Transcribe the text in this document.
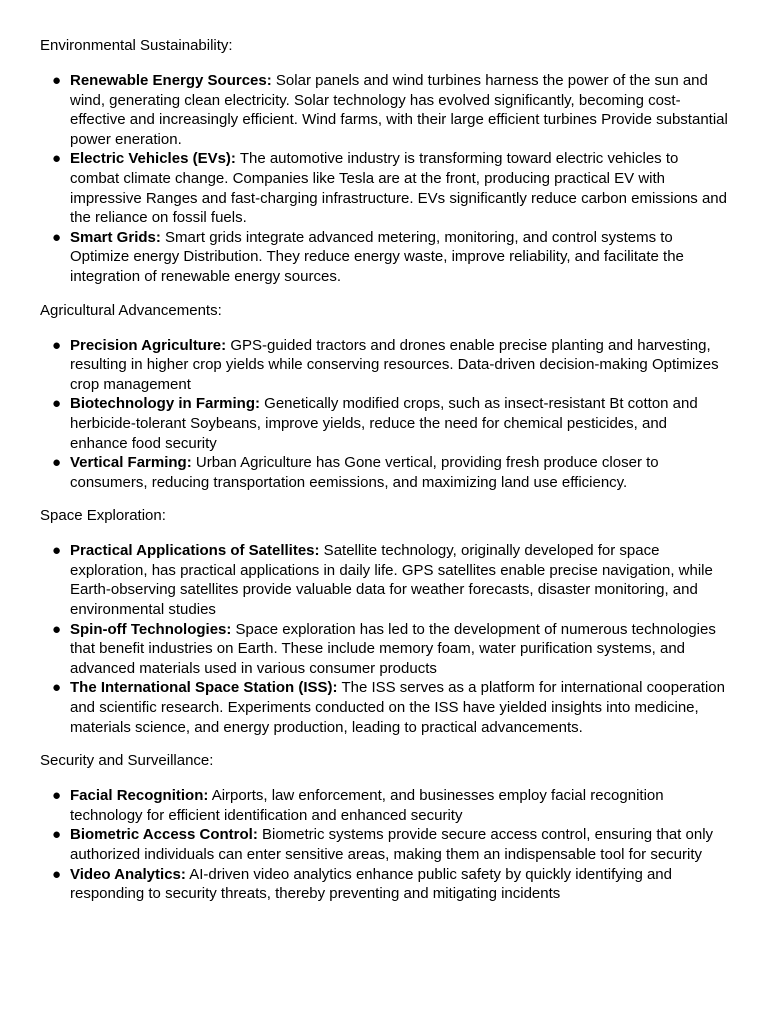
Environmental Sustainability:

● Renewable Energy Sources: Solar panels and wind turbines harness the power of the sun and wind, generating clean electricity. Solar technology has evolved significantly, becoming cost-effective and increasingly efficient. Wind farms, with their large efficient turbines Provide substantial power eneration.
● Electric Vehicles (EVs): The automotive industry is transforming toward electric vehicles to combat climate change. Companies like Tesla are at the front, producing practical EV with impressive Ranges and fast-charging infrastructure. EVs significantly reduce carbon emissions and the reliance on fossil fuels.
● Smart Grids: Smart grids integrate advanced metering, monitoring, and control systems to Optimize energy Distribution. They reduce energy waste, improve reliability, and facilitate the integration of renewable energy sources.

Agricultural Advancements:

● Precision Agriculture: GPS-guided tractors and drones enable precise planting and harvesting, resulting in higher crop yields while conserving resources. Data-driven decision-making Optimizes crop management
● Biotechnology in Farming: Genetically modified crops, such as insect-resistant Bt cotton and herbicide-tolerant Soybeans, improve yields, reduce the need for chemical pesticides, and enhance food security
● Vertical Farming: Urban Agriculture has Gone vertical, providing fresh produce closer to consumers, reducing transportation eemissions, and maximizing land use efficiency.

Space Exploration:

● Practical Applications of Satellites: Satellite technology, originally developed for space exploration, has practical applications in daily life. GPS satellites enable precise navigation, while Earth-observing satellites provide valuable data for weather forecasts, disaster monitoring, and environmental studies
● Spin-off Technologies: Space exploration has led to the development of numerous technologies that benefit industries on Earth. These include memory foam, water purification systems, and advanced materials used in various consumer products
● The International Space Station (ISS): The ISS serves as a platform for international cooperation and scientific research. Experiments conducted on the ISS have yielded insights into medicine, materials science, and energy production, leading to practical advancements.

Security and Surveillance:

● Facial Recognition: Airports, law enforcement, and businesses employ facial recognition technology for efficient identification and enhanced security
● Biometric Access Control: Biometric systems provide secure access control, ensuring that only authorized individuals can enter sensitive areas, making them an indispensable tool for security
● Video Analytics: AI-driven video analytics enhance public safety by quickly identifying and responding to security threats, thereby preventing and mitigating incidents
